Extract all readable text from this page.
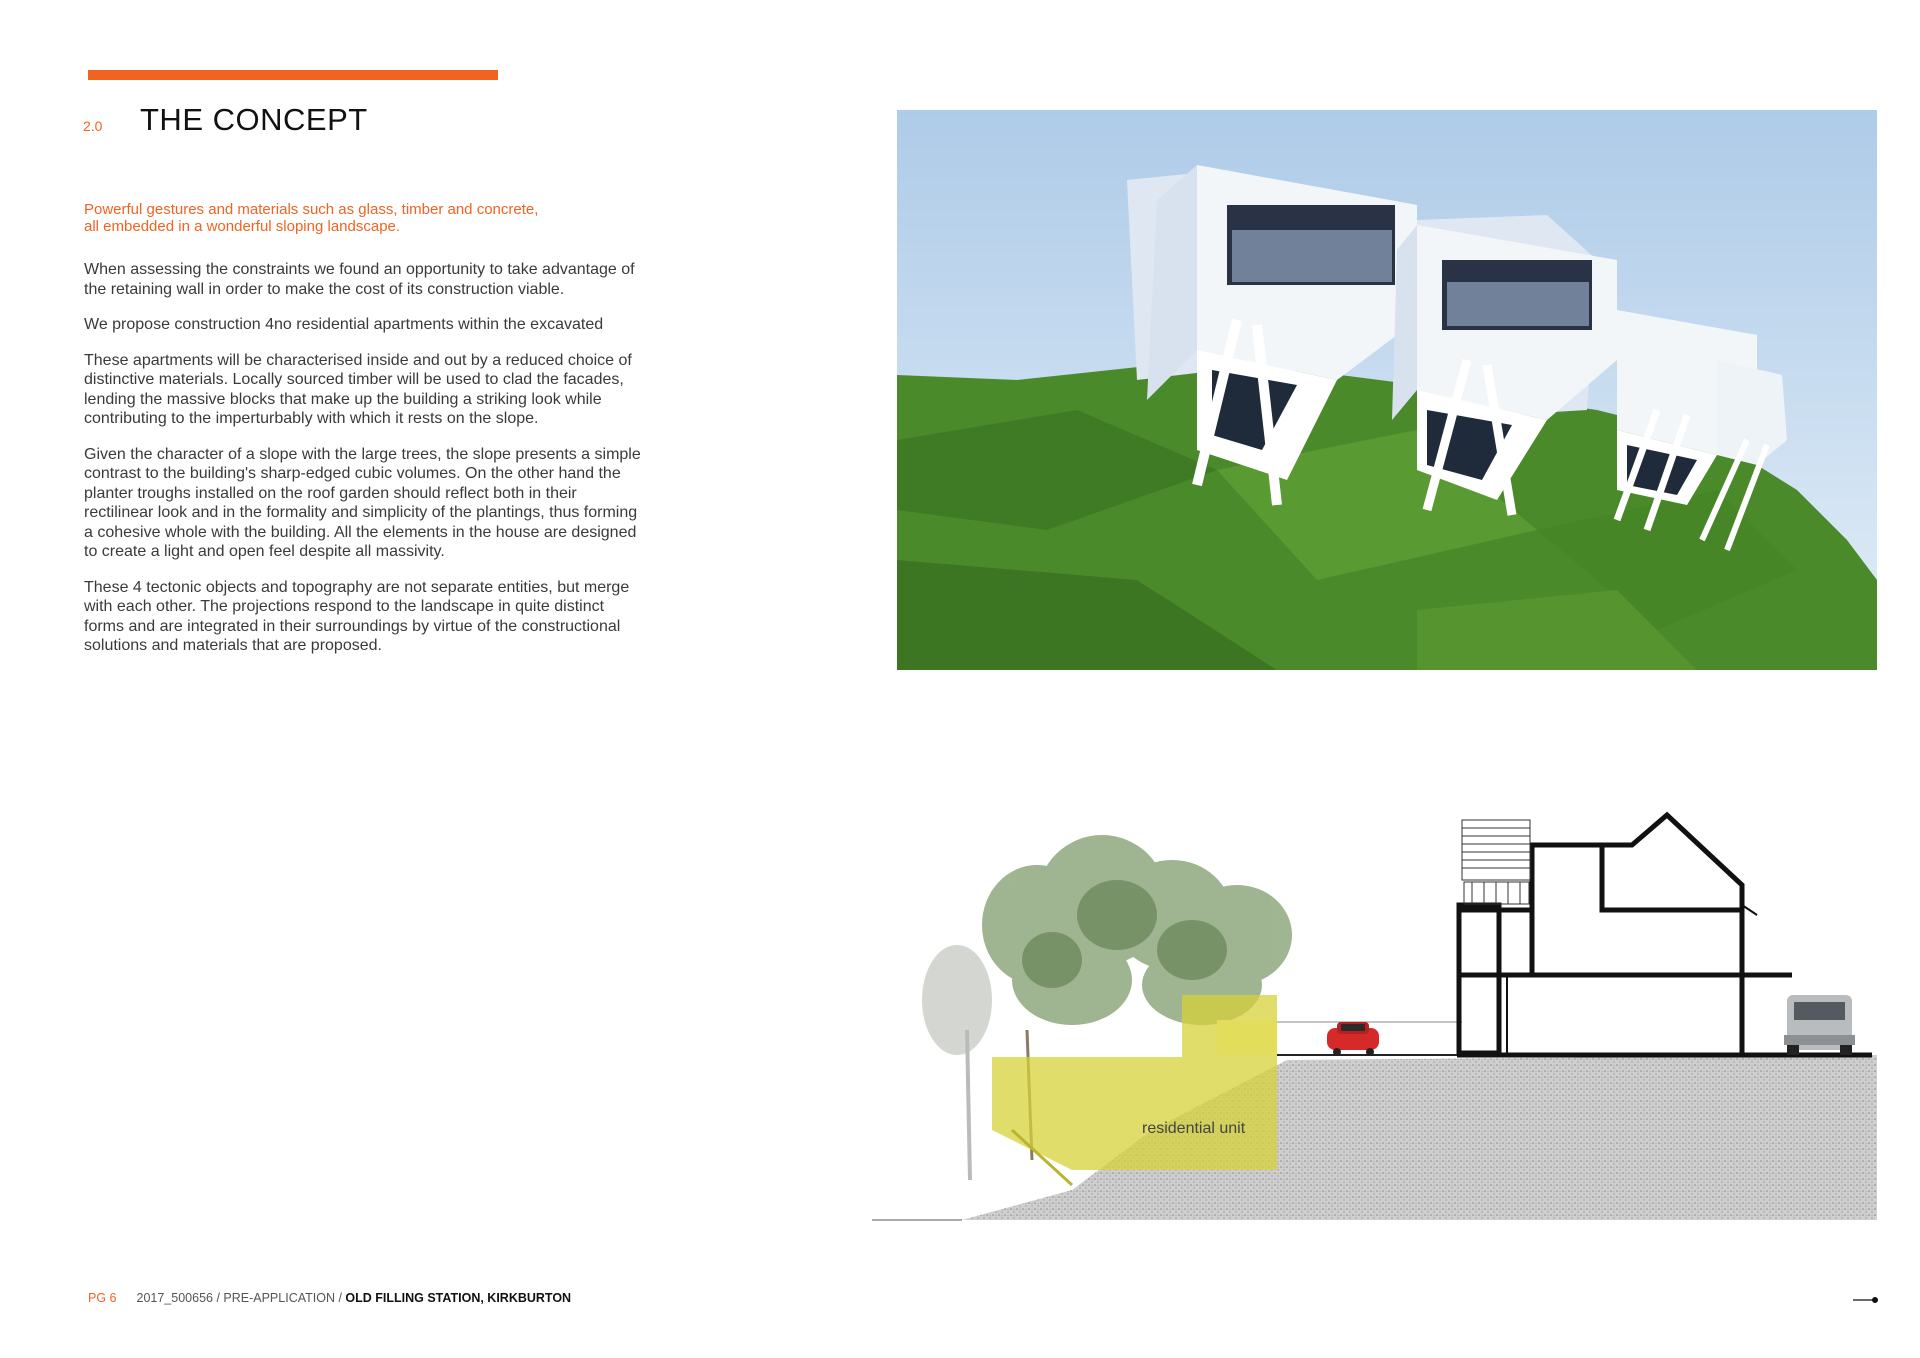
2.0 THE CONCEPT

Powerful gestures and materials such as glass, timber and concrete, all embedded in a wonderful sloping landscape.

When assessing the constraints we found an opportunity to take advantage of the retaining wall in order to make the cost of its construction viable.

We propose construction 4no residential apartments within the excavated

These apartments will be characterised inside and out by a reduced choice of distinctive materials. Locally sourced timber will be used to clad the facades, lending the massive blocks that make up the building a striking look while contributing to the imperturbably with which it rests on the slope.

Given the character of a slope with the large trees, the slope presents a simple contrast to the building's sharp-edged cubic volumes. On the other hand the planter troughs installed on the roof garden should reflect both in their rectilinear look and in the formality and simplicity of the plantings, thus forming a cohesive whole with the building. All the elements in the house are designed to create a light and open feel despite all massivity.

These 4 tectonic objects and topography are not separate entities, but merge with each other. The projections respond to the landscape in quite distinct forms and are integrated in their surroundings by virtue of the constructional solutions and materials that are proposed.

residential unit
PG 6 2017_500656 / PRE-APPLICATION / OLD FILLING STATION, KIRKBURTON
